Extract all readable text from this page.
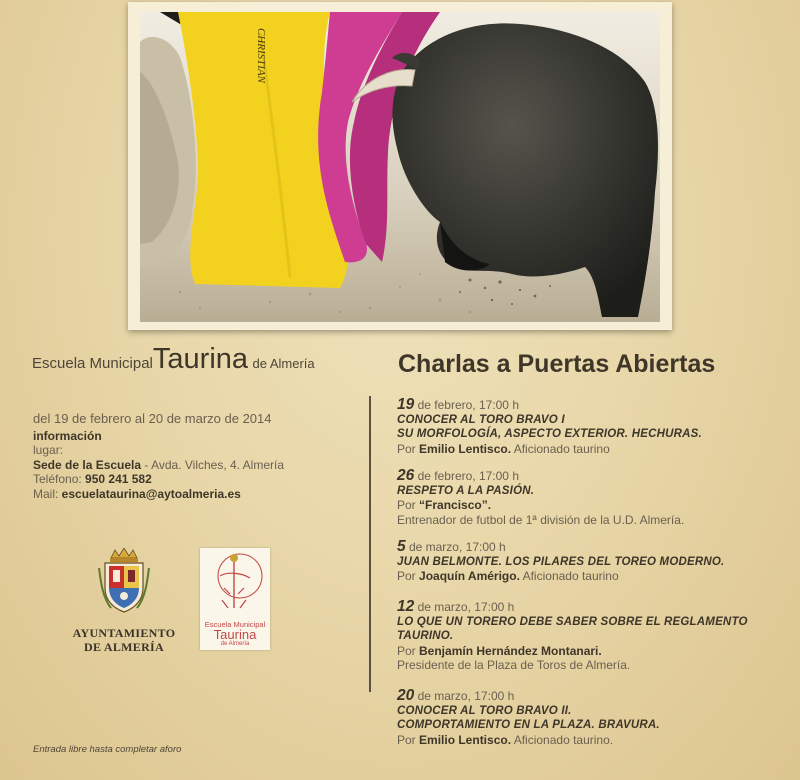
CHRISTIAN
Escuela MunicipalTaurina de Almería
del 19 de febrero al 20 de marzo de 2014
información
lugar:
Sede de la Escuela - Avda. Vilches, 4. Almería
Teléfono: 950 241 582
Mail: escuelataurina@aytoalmeria.es
AYUNTAMIENTO
DE ALMERÍA
Escuela Municipal
Taurina
de Almería
Entrada libre hasta completar aforo
Charlas a Puertas Abiertas
19 de febrero, 17:00 h
CONOCER AL TORO BRAVO I
SU MORFOLOGÍA, ASPECTO EXTERIOR. HECHURAS.
Por Emilio Lentisco. Aficionado taurino
26 de febrero, 17:00 h
RESPETO A LA PASIÓN.
Por “Francisco”.
Entrenador de futbol de 1ª división de la U.D. Almería.
5 de marzo, 17:00 h
JUAN BELMONTE. LOS PILARES DEL TOREO MODERNO.
Por Joaquín Amérigo. Aficionado taurino
12 de marzo, 17:00 h
LO QUE UN TORERO DEBE SABER SOBRE EL REGLAMENTO
TAURINO.
Por Benjamín Hernández Montanari.
Presidente de la Plaza de Toros de Almería.
20 de marzo, 17:00 h
CONOCER AL TORO BRAVO II.
COMPORTAMIENTO EN LA PLAZA. BRAVURA.
Por Emilio Lentisco. Aficionado taurino.
